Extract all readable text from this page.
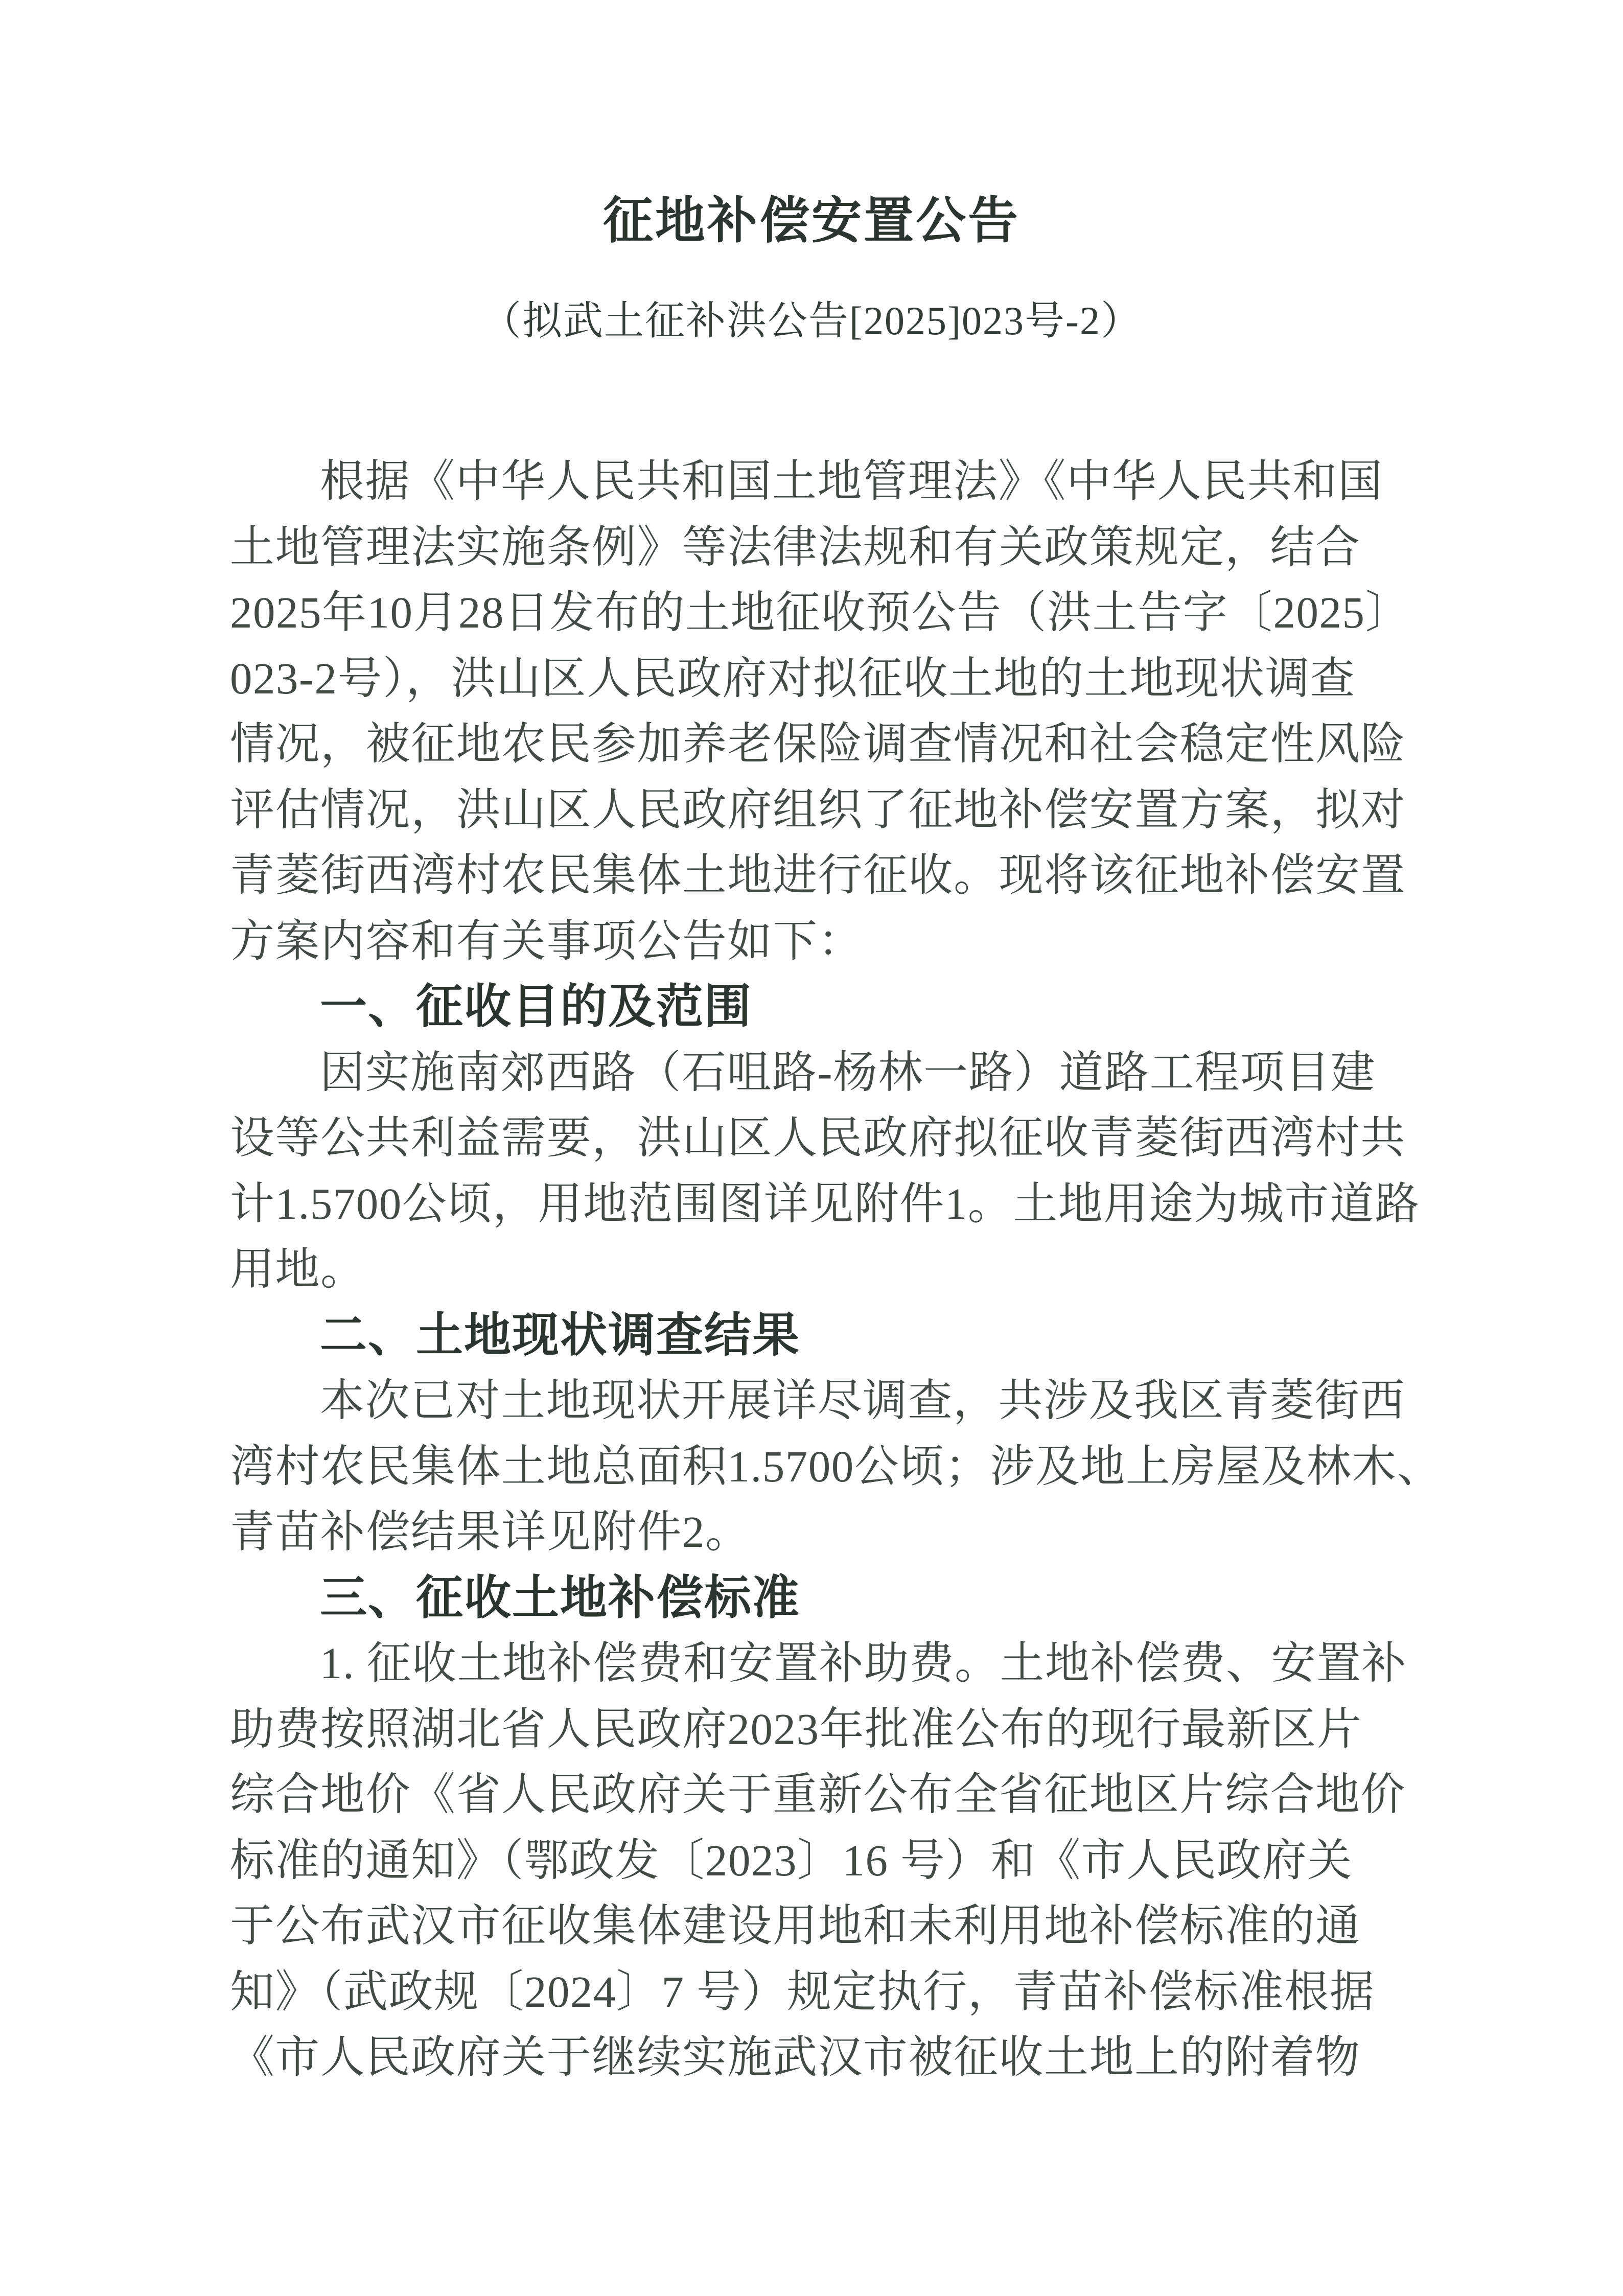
征地补偿安置公告
（拟武土征补洪公告[2025]023号-2）
根据《中华人民共和国土地管理法》《中华人民共和国
土地管理法实施条例》等法律法规和有关政策规定，结合
2025年10月28日发布的土地征收预公告（洪土告字〔2025〕
023-2号），洪山区人民政府对拟征收土地的土地现状调查
情况，被征地农民参加养老保险调查情况和社会稳定性风险
评估情况，洪山区人民政府组织了征地补偿安置方案，拟对
青菱街西湾村农民集体土地进行征收。现将该征地补偿安置
方案内容和有关事项公告如下：
一、征收目的及范围
因实施南郊西路（石咀路-杨林一路）道路工程项目建
设等公共利益需要，洪山区人民政府拟征收青菱街西湾村共
计1.5700公顷，用地范围图详见附件1。土地用途为城市道路
用地。
二、土地现状调查结果
本次已对土地现状开展详尽调查，共涉及我区青菱街西
湾村农民集体土地总面积1.5700公顷；涉及地上房屋及林木、
青苗补偿结果详见附件2。
三、征收土地补偿标准
1. 征收土地补偿费和安置补助费。土地补偿费、安置补
助费按照湖北省人民政府2023年批准公布的现行最新区片
综合地价《省人民政府关于重新公布全省征地区片综合地价
标准的通知》（鄂政发〔2023〕16 号）和《市人民政府关
于公布武汉市征收集体建设用地和未利用地补偿标准的通
知》（武政规〔2024〕7 号）规定执行，青苗补偿标准根据
《市人民政府关于继续实施武汉市被征收土地上的附着物
